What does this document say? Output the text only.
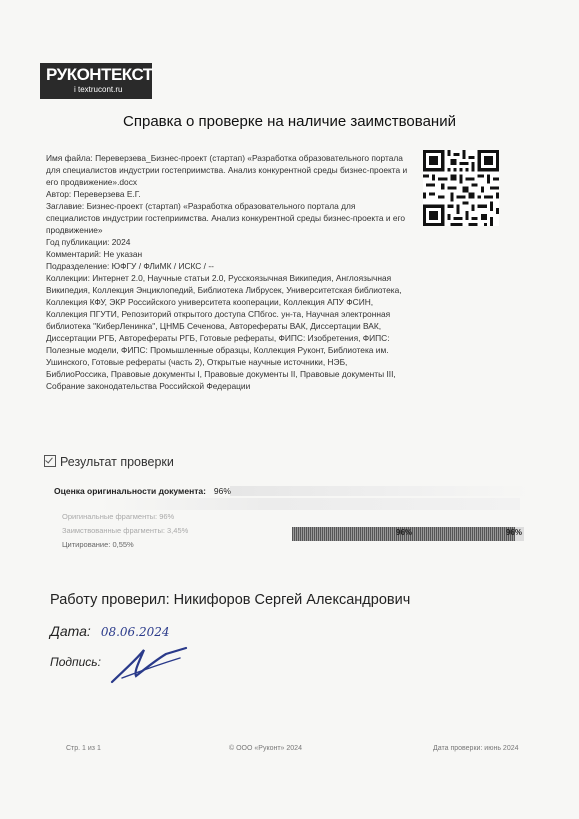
РУКОНТЕКСТ
i textrucont.ru
Справка о проверке на наличие заимствований

Имя файла: Переверзева_Бизнес-проект (стартап) «Разработка образовательного портала для специалистов индустрии гостеприимства. Анализ конкурентной среды бизнес-проекта и его продвижение».docx

Автор: Переверзева Е.Г.

Заглавие: Бизнес-проект (стартап) «Разработка образовательного портала для специалистов индустрии гостеприимства. Анализ конкурентной среды бизнес-проекта и его продвижение»

Год публикации: 2024

Комментарий: Не указан

Подразделение: ЮФГУ / ФЛиМК / ИСКС / --

Коллекции: Интернет 2.0, Научные статьи 2.0, Русскоязычная Википедия, Англоязычная Википедия, Коллекция Энциклопедий, Библиотека Либрусек, Университетская библиотека, Коллекция КФУ, ЭКР Российского университета кооперации, Коллекция АПУ ФСИН, Коллекция ПГУТИ, Репозиторий открытого доступа СПбгос. ун-та, Научная электронная библиотека "КиберЛенинка", ЦНМБ Сеченова, Авторефераты ВАК, Диссертации ВАК, Диссертации РГБ, Авторефераты РГБ, Готовые рефераты, ФИПС: Изобретения, ФИПС: Полезные модели, ФИПС: Промышленные образцы, Коллекция Руконт, Библиотека им. Ушинского, Готовые рефераты (часть 2), Открытые научные источники, НЭБ, БиблиоРоссика, Правовые документы I, Правовые документы II, Правовые документы III, Собрание законодательства Российской Федерации

Результат проверки
Оценка оригинальности документа: 96%
Оригинальные фрагменты: 96%
Заимствованные фрагменты: 3,45%
Цитирование: 0,55%
96%	96%
Работу проверил: Никифоров Сергей Александрович
Дата: 08.06.2024
Подпись:
Стр. 1 из 1	© ООО «Руконт» 2024	Дата проверки: июнь 2024
